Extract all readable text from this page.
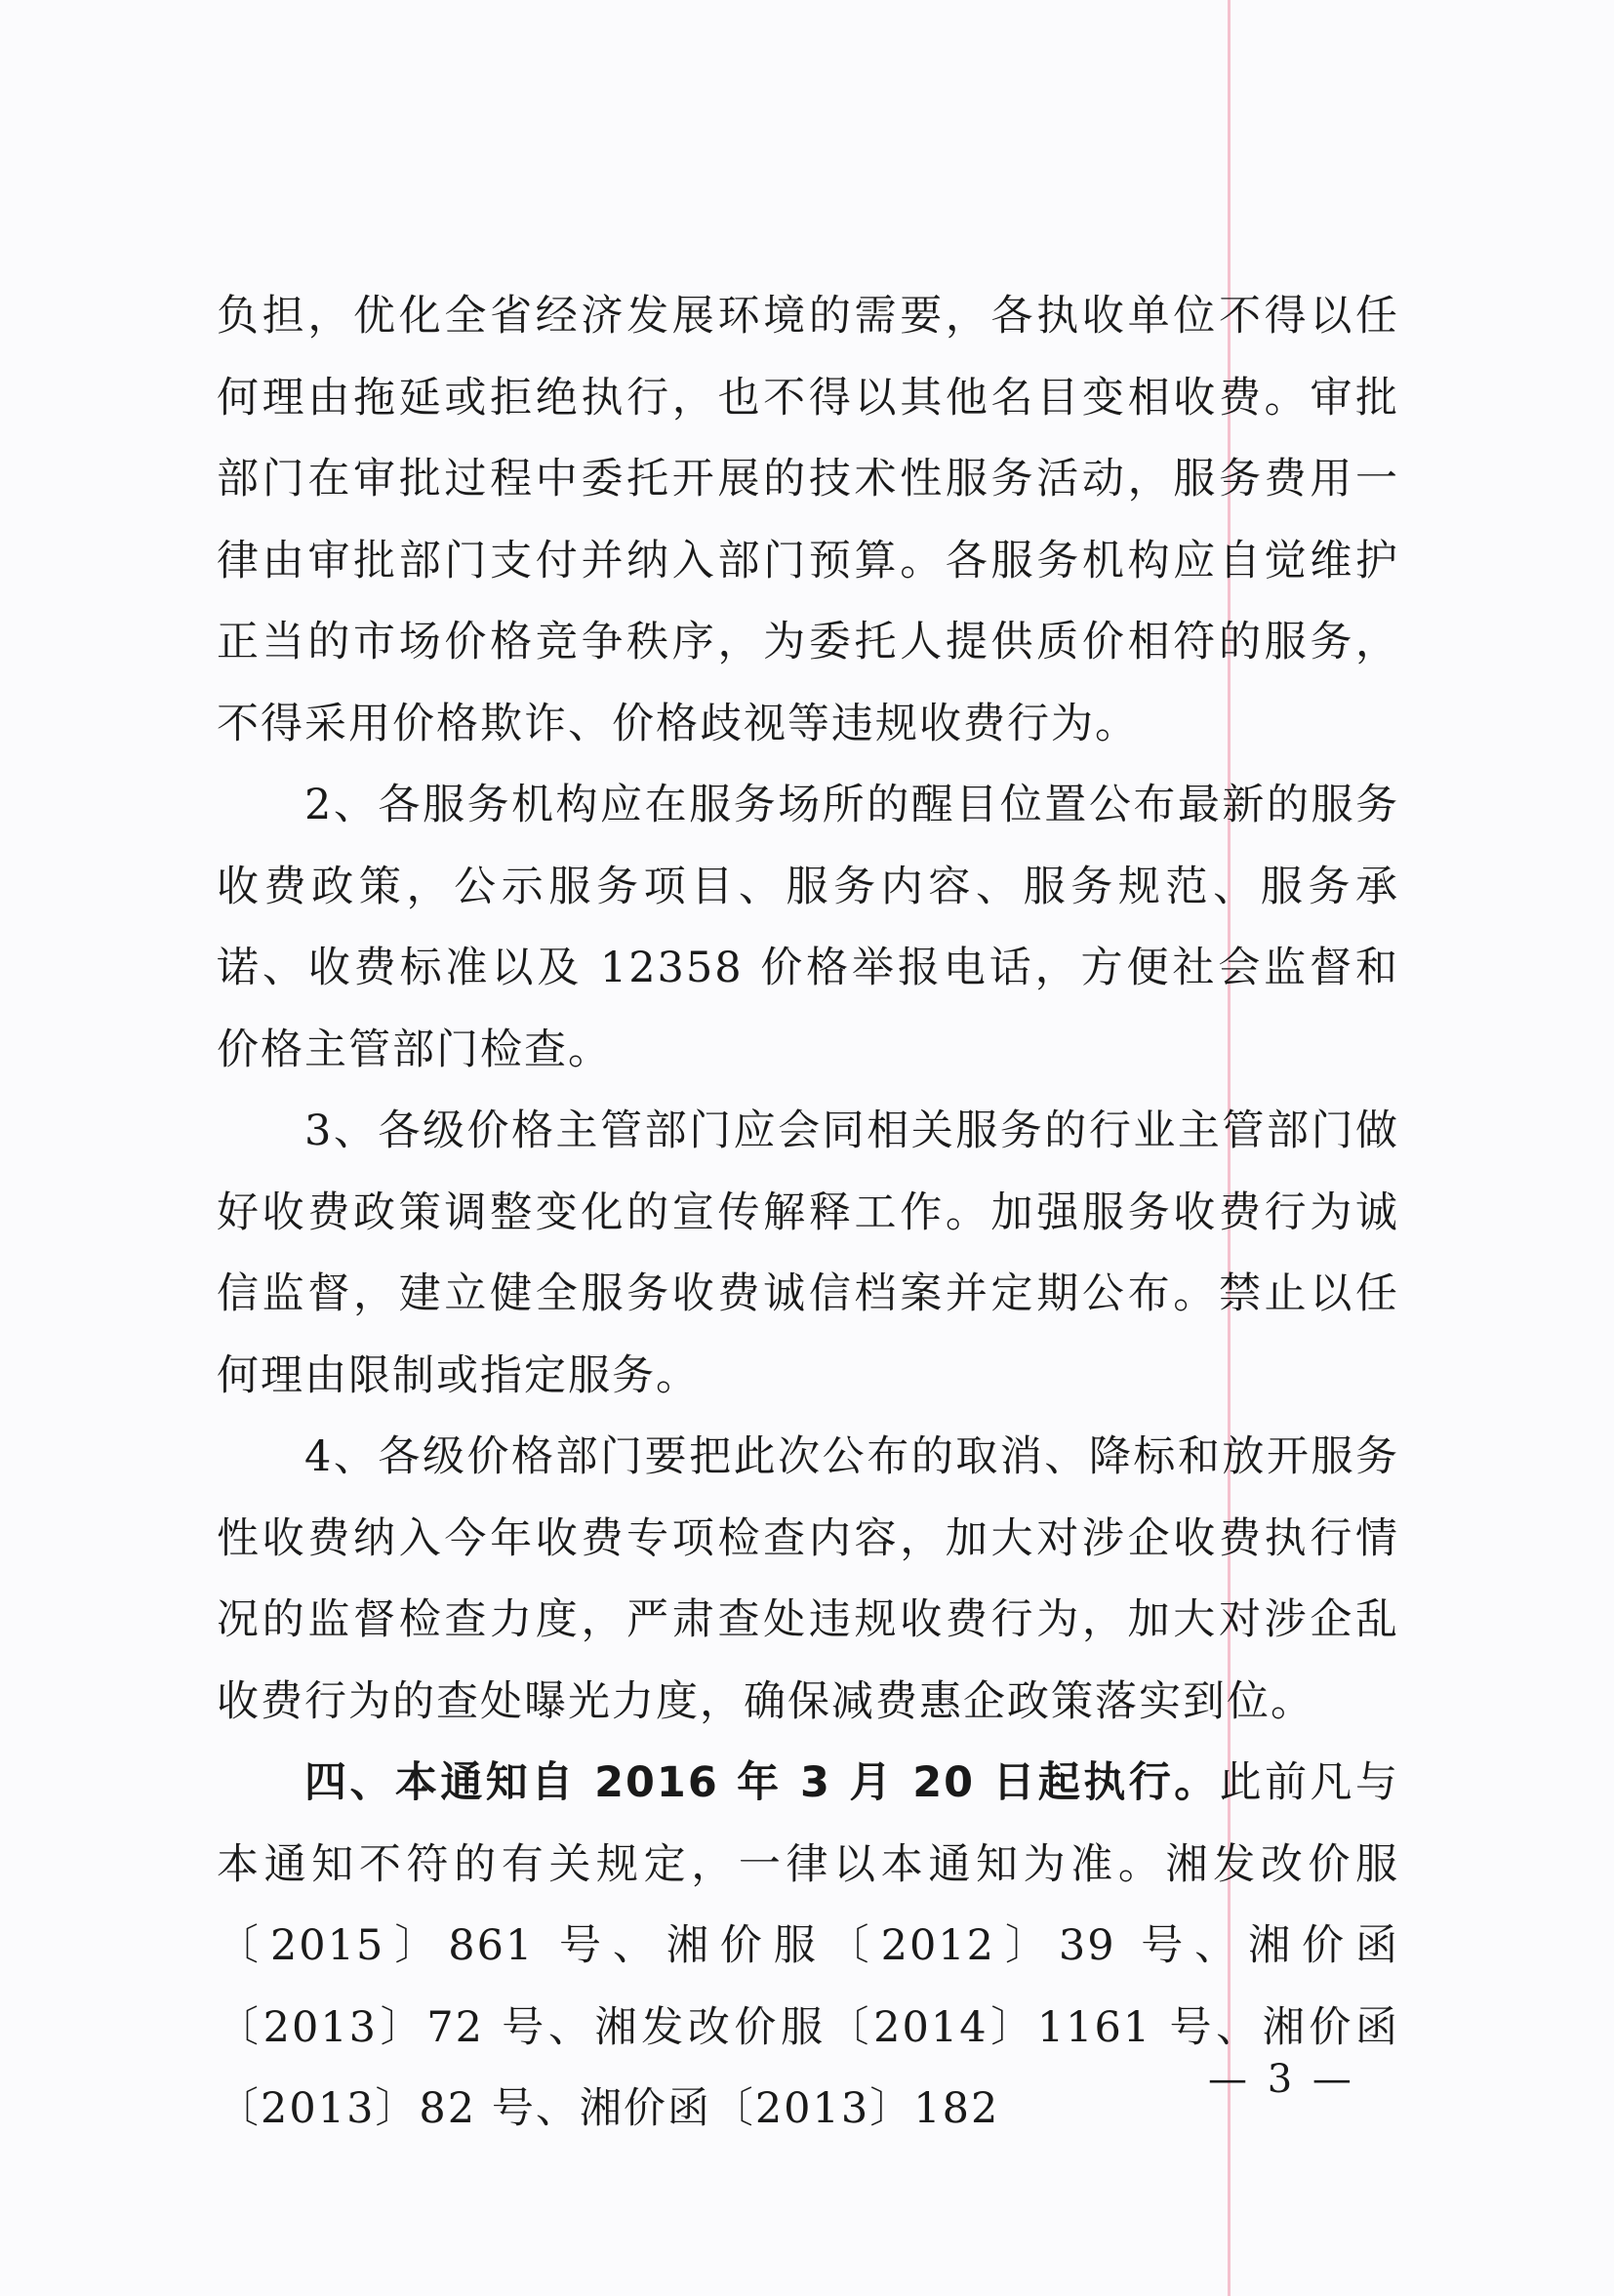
负担，优化全省经济发展环境的需要，各执收单位不得以任何理由拖延或拒绝执行，也不得以其他名目变相收费。审批部门在审批过程中委托开展的技术性服务活动，服务费用一律由审批部门支付并纳入部门预算。各服务机构应自觉维护正当的市场价格竞争秩序，为委托人提供质价相符的服务，不得采用价格欺诈、价格歧视等违规收费行为。

2、各服务机构应在服务场所的醒目位置公布最新的服务收费政策，公示服务项目、服务内容、服务规范、服务承诺、收费标准以及 12358 价格举报电话，方便社会监督和价格主管部门检查。

3、各级价格主管部门应会同相关服务的行业主管部门做好收费政策调整变化的宣传解释工作。加强服务收费行为诚信监督，建立健全服务收费诚信档案并定期公布。禁止以任何理由限制或指定服务。

4、各级价格部门要把此次公布的取消、降标和放开服务性收费纳入今年收费专项检查内容，加大对涉企收费执行情况的监督检查力度，严肃查处违规收费行为，加大对涉企乱收费行为的查处曝光力度，确保减费惠企政策落实到位。

四、本通知自 2016 年 3 月 20 日起执行。此前凡与本通知不符的有关规定，一律以本通知为准。湘发改价服〔2015〕861 号、湘价服〔2012〕39 号、湘价函〔2013〕72 号、湘发改价服〔2014〕1161 号、湘价函〔2013〕82 号、湘价函〔2013〕182

— 3 —
